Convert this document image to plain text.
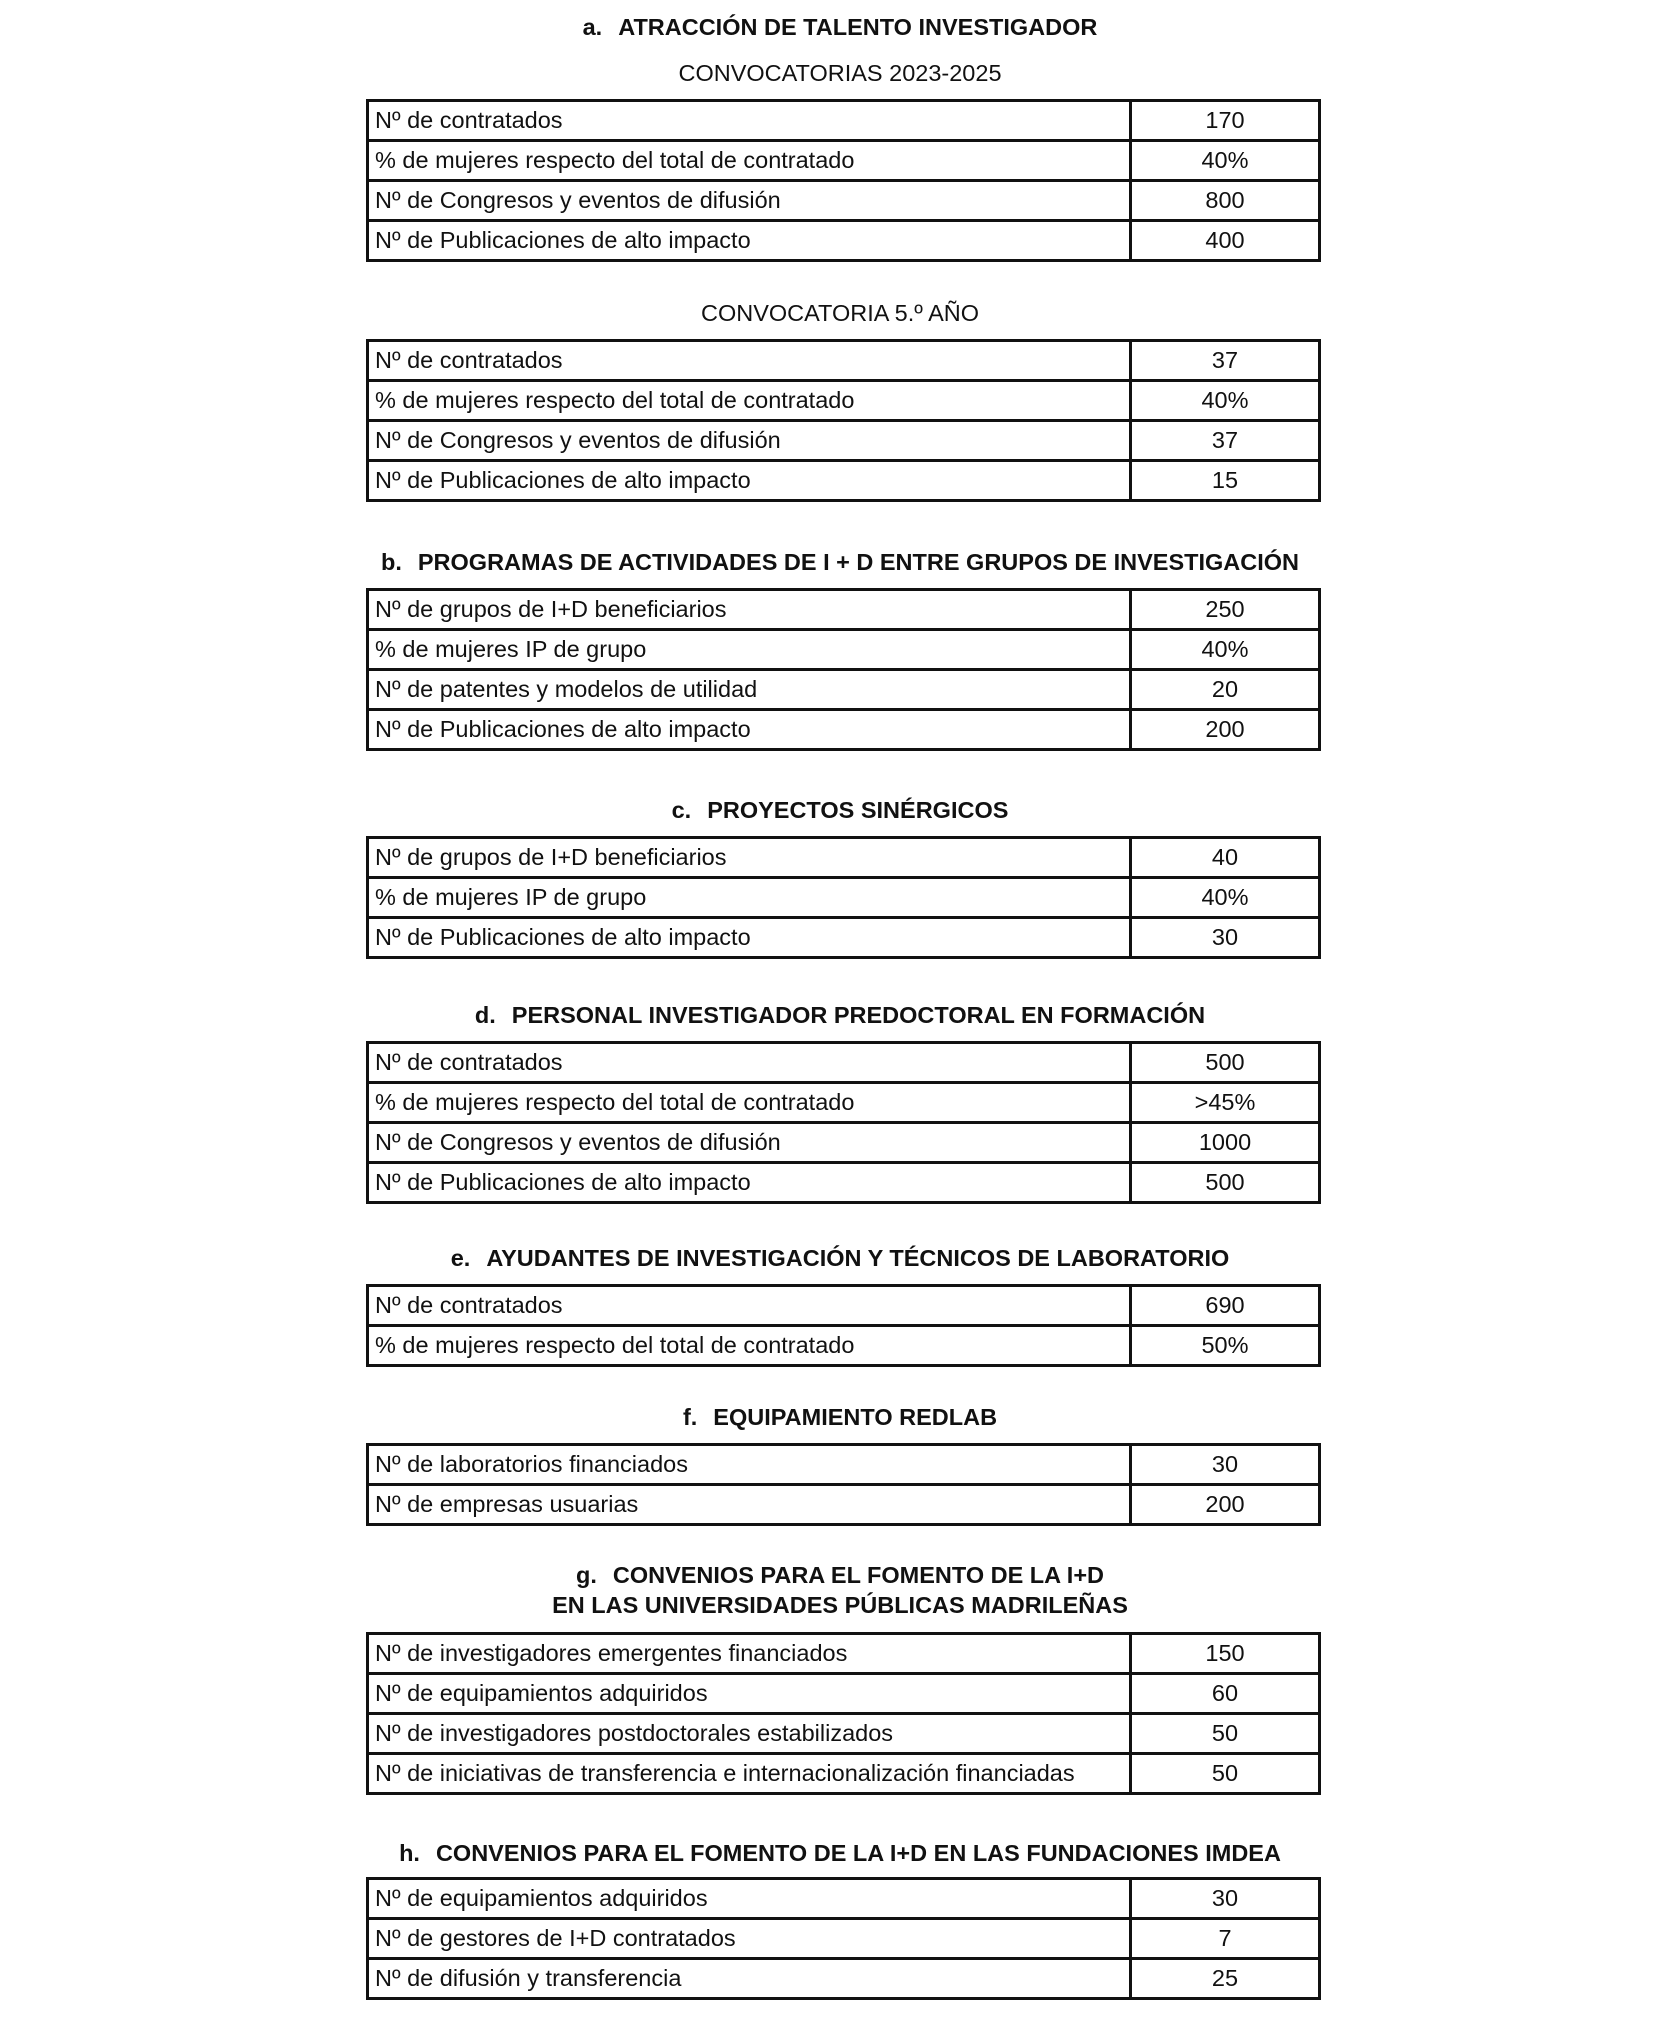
a. ATRACCIÓN DE TALENTO INVESTIGADOR
CONVOCATORIAS 2023-2025
Nº de contratados	170
% de mujeres respecto del total de contratado	40%
Nº de Congresos y eventos de difusión	800
Nº de Publicaciones de alto impacto	400
CONVOCATORIA 5.º AÑO
Nº de contratados	37
% de mujeres respecto del total de contratado	40%
Nº de Congresos y eventos de difusión	37
Nº de Publicaciones de alto impacto	15
b. PROGRAMAS DE ACTIVIDADES DE I + D ENTRE GRUPOS DE INVESTIGACIÓN
Nº de grupos de I+D beneficiarios	250
% de mujeres IP de grupo	40%
Nº de patentes y modelos de utilidad	20
Nº de Publicaciones de alto impacto	200
c. PROYECTOS SINÉRGICOS
Nº de grupos de I+D beneficiarios	40
% de mujeres IP de grupo	40%
Nº de Publicaciones de alto impacto	30
d. PERSONAL INVESTIGADOR PREDOCTORAL EN FORMACIÓN
Nº de contratados	500
% de mujeres respecto del total de contratado	>45%
Nº de Congresos y eventos de difusión	1000
Nº de Publicaciones de alto impacto	500
e. AYUDANTES DE INVESTIGACIÓN Y TÉCNICOS DE LABORATORIO
Nº de contratados	690
% de mujeres respecto del total de contratado	50%
f. EQUIPAMIENTO REDLAB
Nº de laboratorios financiados	30
Nº de empresas usuarias	200
g. CONVENIOS PARA EL FOMENTO DE LA I+D
EN LAS UNIVERSIDADES PÚBLICAS MADRILEÑAS
Nº de investigadores emergentes financiados	150
Nº de equipamientos adquiridos	60
Nº de investigadores postdoctorales estabilizados	50
Nº de iniciativas de transferencia e internacionalización financiadas	50
h. CONVENIOS PARA EL FOMENTO DE LA I+D EN LAS FUNDACIONES IMDEA
Nº de equipamientos adquiridos	30
Nº de gestores de I+D contratados	7
Nº de difusión y transferencia	25
